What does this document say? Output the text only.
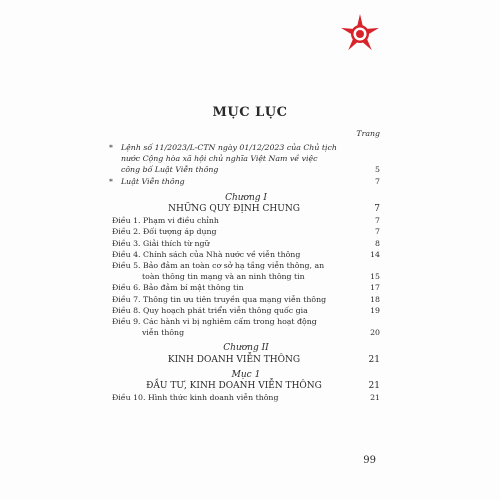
MỤC LỤC
Trang
* Lệnh số 11/2023/L-CTN ngày 01/12/2023 của Chủ tịch
nước Cộng hòa xã hội chủ nghĩa Việt Nam về việc
công bố Luật Viễn thông	5
* Luật Viễn thông	7
Chương I
NHỮNG QUY ĐỊNH CHUNG	7
Điều 1. Phạm vi điều chỉnh	7
Điều 2. Đối tượng áp dụng	7
Điều 3. Giải thích từ ngữ	8
Điều 4. Chính sách của Nhà nước về viễn thông	14
Điều 5. Bảo đảm an toàn cơ sở hạ tầng viễn thông, an
toàn thông tin mạng và an ninh thông tin	15
Điều 6. Bảo đảm bí mật thông tin	17
Điều 7. Thông tin ưu tiên truyền qua mạng viễn thông	18
Điều 8. Quy hoạch phát triển viễn thông quốc gia	19
Điều 9. Các hành vi bị nghiêm cấm trong hoạt động
viễn thông	20
Chương II
KINH DOANH VIỄN THÔNG	21
Mục 1
ĐẦU TƯ, KINH DOANH VIỄN THÔNG	21
Điều 10. Hình thức kinh doanh viễn thông	21
99
